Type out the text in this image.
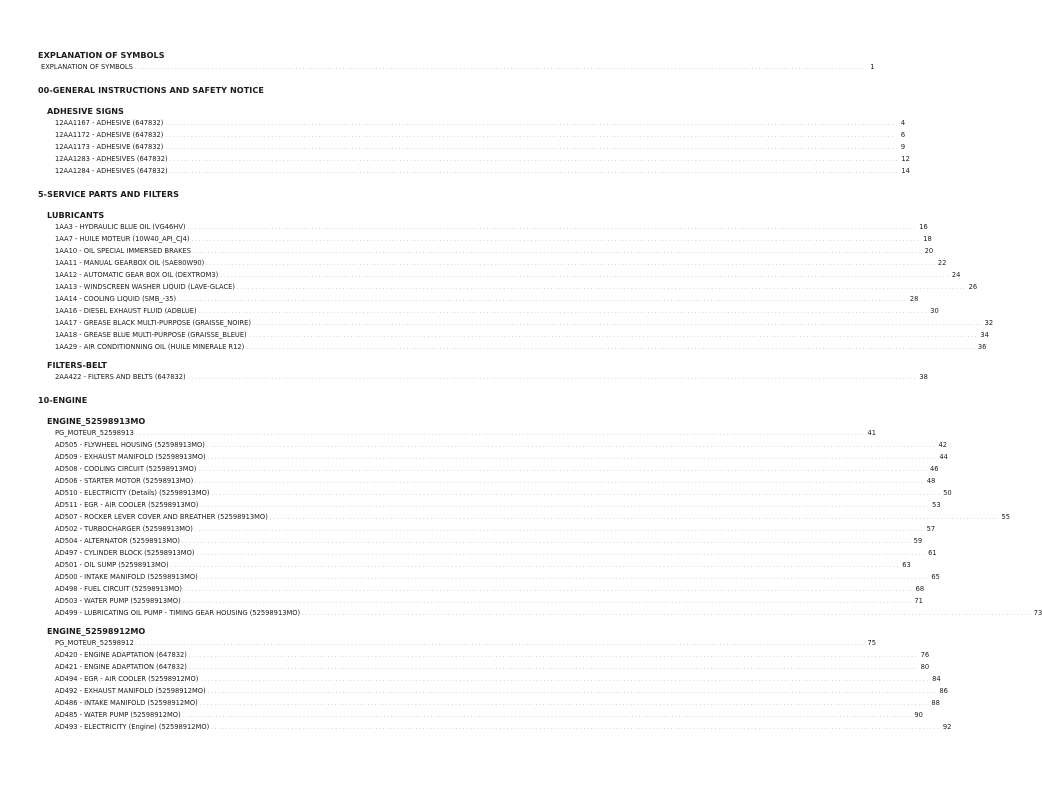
EXPLANATION OF SYMBOLS
EXPLANATION OF SYMBOLS ........................................................................................................................................................................................................ 1
00-GENERAL INSTRUCTIONS AND SAFETY NOTICE
ADHESIVE SIGNS
12AA1167 - ADHESIVE (647832) ........................................................................................................................................................................................................ 4
12AA1172 - ADHESIVE (647832) ........................................................................................................................................................................................................ 6
12AA1173 - ADHESIVE (647832) ........................................................................................................................................................................................................ 9
12AA1283 - ADHESIVES (647832) ........................................................................................................................................................................................................ 12
12AA1284 - ADHESIVES (647832) ........................................................................................................................................................................................................ 14
5-SERVICE PARTS AND FILTERS
LUBRICANTS
1AA3 - HYDRAULIC BLUE OIL (VG46HV) ........................................................................................................................................................................................................ 16
1AA7 - HUILE MOTEUR (10W40_API_CJ4) ........................................................................................................................................................................................................ 18
1AA10 - OIL SPECIAL IMMERSED BRAKES ........................................................................................................................................................................................................ 20
1AA11 - MANUAL GEARBOX OIL (SAE80W90) ........................................................................................................................................................................................................ 22
1AA12 - AUTOMATIC GEAR BOX OIL (DEXTROM3) ........................................................................................................................................................................................................ 24
1AA13 - WINDSCREEN WASHER LIQUID (LAVE-GLACE) ........................................................................................................................................................................................................ 26
1AA14 - COOLING LIQUID (SMB_-35) ........................................................................................................................................................................................................ 28
1AA16 - DIESEL EXHAUST FLUID (ADBLUE) ........................................................................................................................................................................................................ 30
1AA17 - GREASE BLACK MULTI-PURPOSE (GRAISSE_NOIRE) ........................................................................................................................................................................................................ 32
1AA18 - GREASE BLUE MULTI-PURPOSE (GRAISSE_BLEUE) ........................................................................................................................................................................................................ 34
1AA29 - AIR CONDITIONNING OIL (HUILE MINERALE R12) ........................................................................................................................................................................................................ 36
FILTERS-BELT
2AA422 - FILTERS AND BELTS (647832) ........................................................................................................................................................................................................ 38
10-ENGINE
ENGINE_52598913MO
PG_MOTEUR_52598913 ........................................................................................................................................................................................................ 41
AD505 - FLYWHEEL HOUSING (52598913MO) ........................................................................................................................................................................................................ 42
AD509 - EXHAUST MANIFOLD (52598913MO) ........................................................................................................................................................................................................ 44
AD508 - COOLING CIRCUIT (52598913MO) ........................................................................................................................................................................................................ 46
AD506 - STARTER MOTOR (52598913MO) ........................................................................................................................................................................................................ 48
AD510 - ELECTRICITY (Details) (52598913MO) ........................................................................................................................................................................................................ 50
AD511 - EGR - AIR COOLER (52598913MO) ........................................................................................................................................................................................................ 53
AD507 - ROCKER LEVER COVER AND BREATHER (52598913MO) ........................................................................................................................................................................................................ 55
AD502 - TURBOCHARGER (52598913MO) ........................................................................................................................................................................................................ 57
AD504 - ALTERNATOR (52598913MO) ........................................................................................................................................................................................................ 59
AD497 - CYLINDER BLOCK (52598913MO) ........................................................................................................................................................................................................ 61
AD501 - OIL SUMP (52598913MO) ........................................................................................................................................................................................................ 63
AD500 - INTAKE MANIFOLD (52598913MO) ........................................................................................................................................................................................................ 65
AD498 - FUEL CIRCUIT (52598913MO) ........................................................................................................................................................................................................ 68
AD503 - WATER PUMP (52598913MO) ........................................................................................................................................................................................................ 71
AD499 - LUBRICATING OIL PUMP - TIMING GEAR HOUSING (52598913MO) ........................................................................................................................................................................................................ 73
ENGINE_52598912MO
PG_MOTEUR_52598912 ........................................................................................................................................................................................................ 75
AD420 - ENGINE ADAPTATION (647832) ........................................................................................................................................................................................................ 76
AD421 - ENGINE ADAPTATION (647832) ........................................................................................................................................................................................................ 80
AD494 - EGR - AIR COOLER (52598912MO) ........................................................................................................................................................................................................ 84
AD492 - EXHAUST MANIFOLD (52598912MO) ........................................................................................................................................................................................................ 86
AD486 - INTAKE MANIFOLD (52598912MO) ........................................................................................................................................................................................................ 88
AD485 - WATER PUMP (52598912MO) ........................................................................................................................................................................................................ 90
AD493 - ELECTRICITY (Engine) (52598912MO) ........................................................................................................................................................................................................ 92
